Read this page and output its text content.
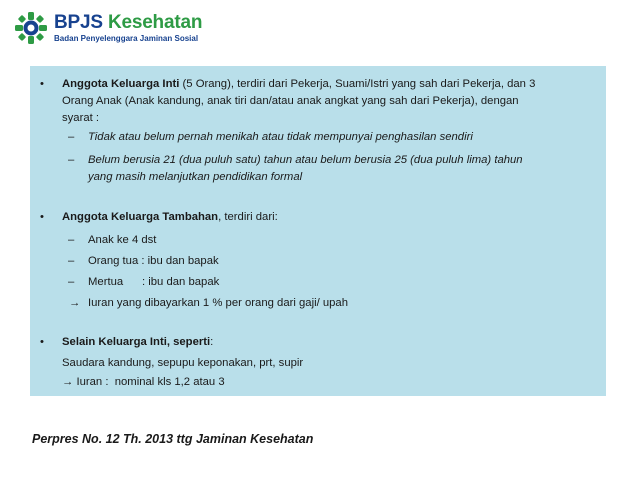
BPJS Kesehatan
Badan Penyelenggara Jaminan Sosial
• Anggota Keluarga Inti (5 Orang), terdiri dari Pekerja, Suami/Istri yang sah dari Pekerja, dan 3
Orang Anak (Anak kandung, anak tiri dan/atau anak angkat yang sah dari Pekerja), dengan
syarat :
– Tidak atau belum pernah menikah atau tidak mempunyai penghasilan sendiri
– Belum berusia 21 (dua puluh satu) tahun atau belum berusia 25 (dua puluh lima) tahun
yang masih melanjutkan pendidikan formal
• Anggota Keluarga Tambahan, terdiri dari:
– Anak ke 4 dst
– Orang tua : ibu dan bapak
– Mertua      : ibu dan bapak
→ Iuran yang dibayarkan 1 % per orang dari gaji/ upah
• Selain Keluarga Inti, seperti:
Saudara kandung, sepupu keponakan, prt, supir
→ Iuran :  nominal kls 1,2 atau 3
Perpres No. 12 Th. 2013 ttg Jaminan Kesehatan
